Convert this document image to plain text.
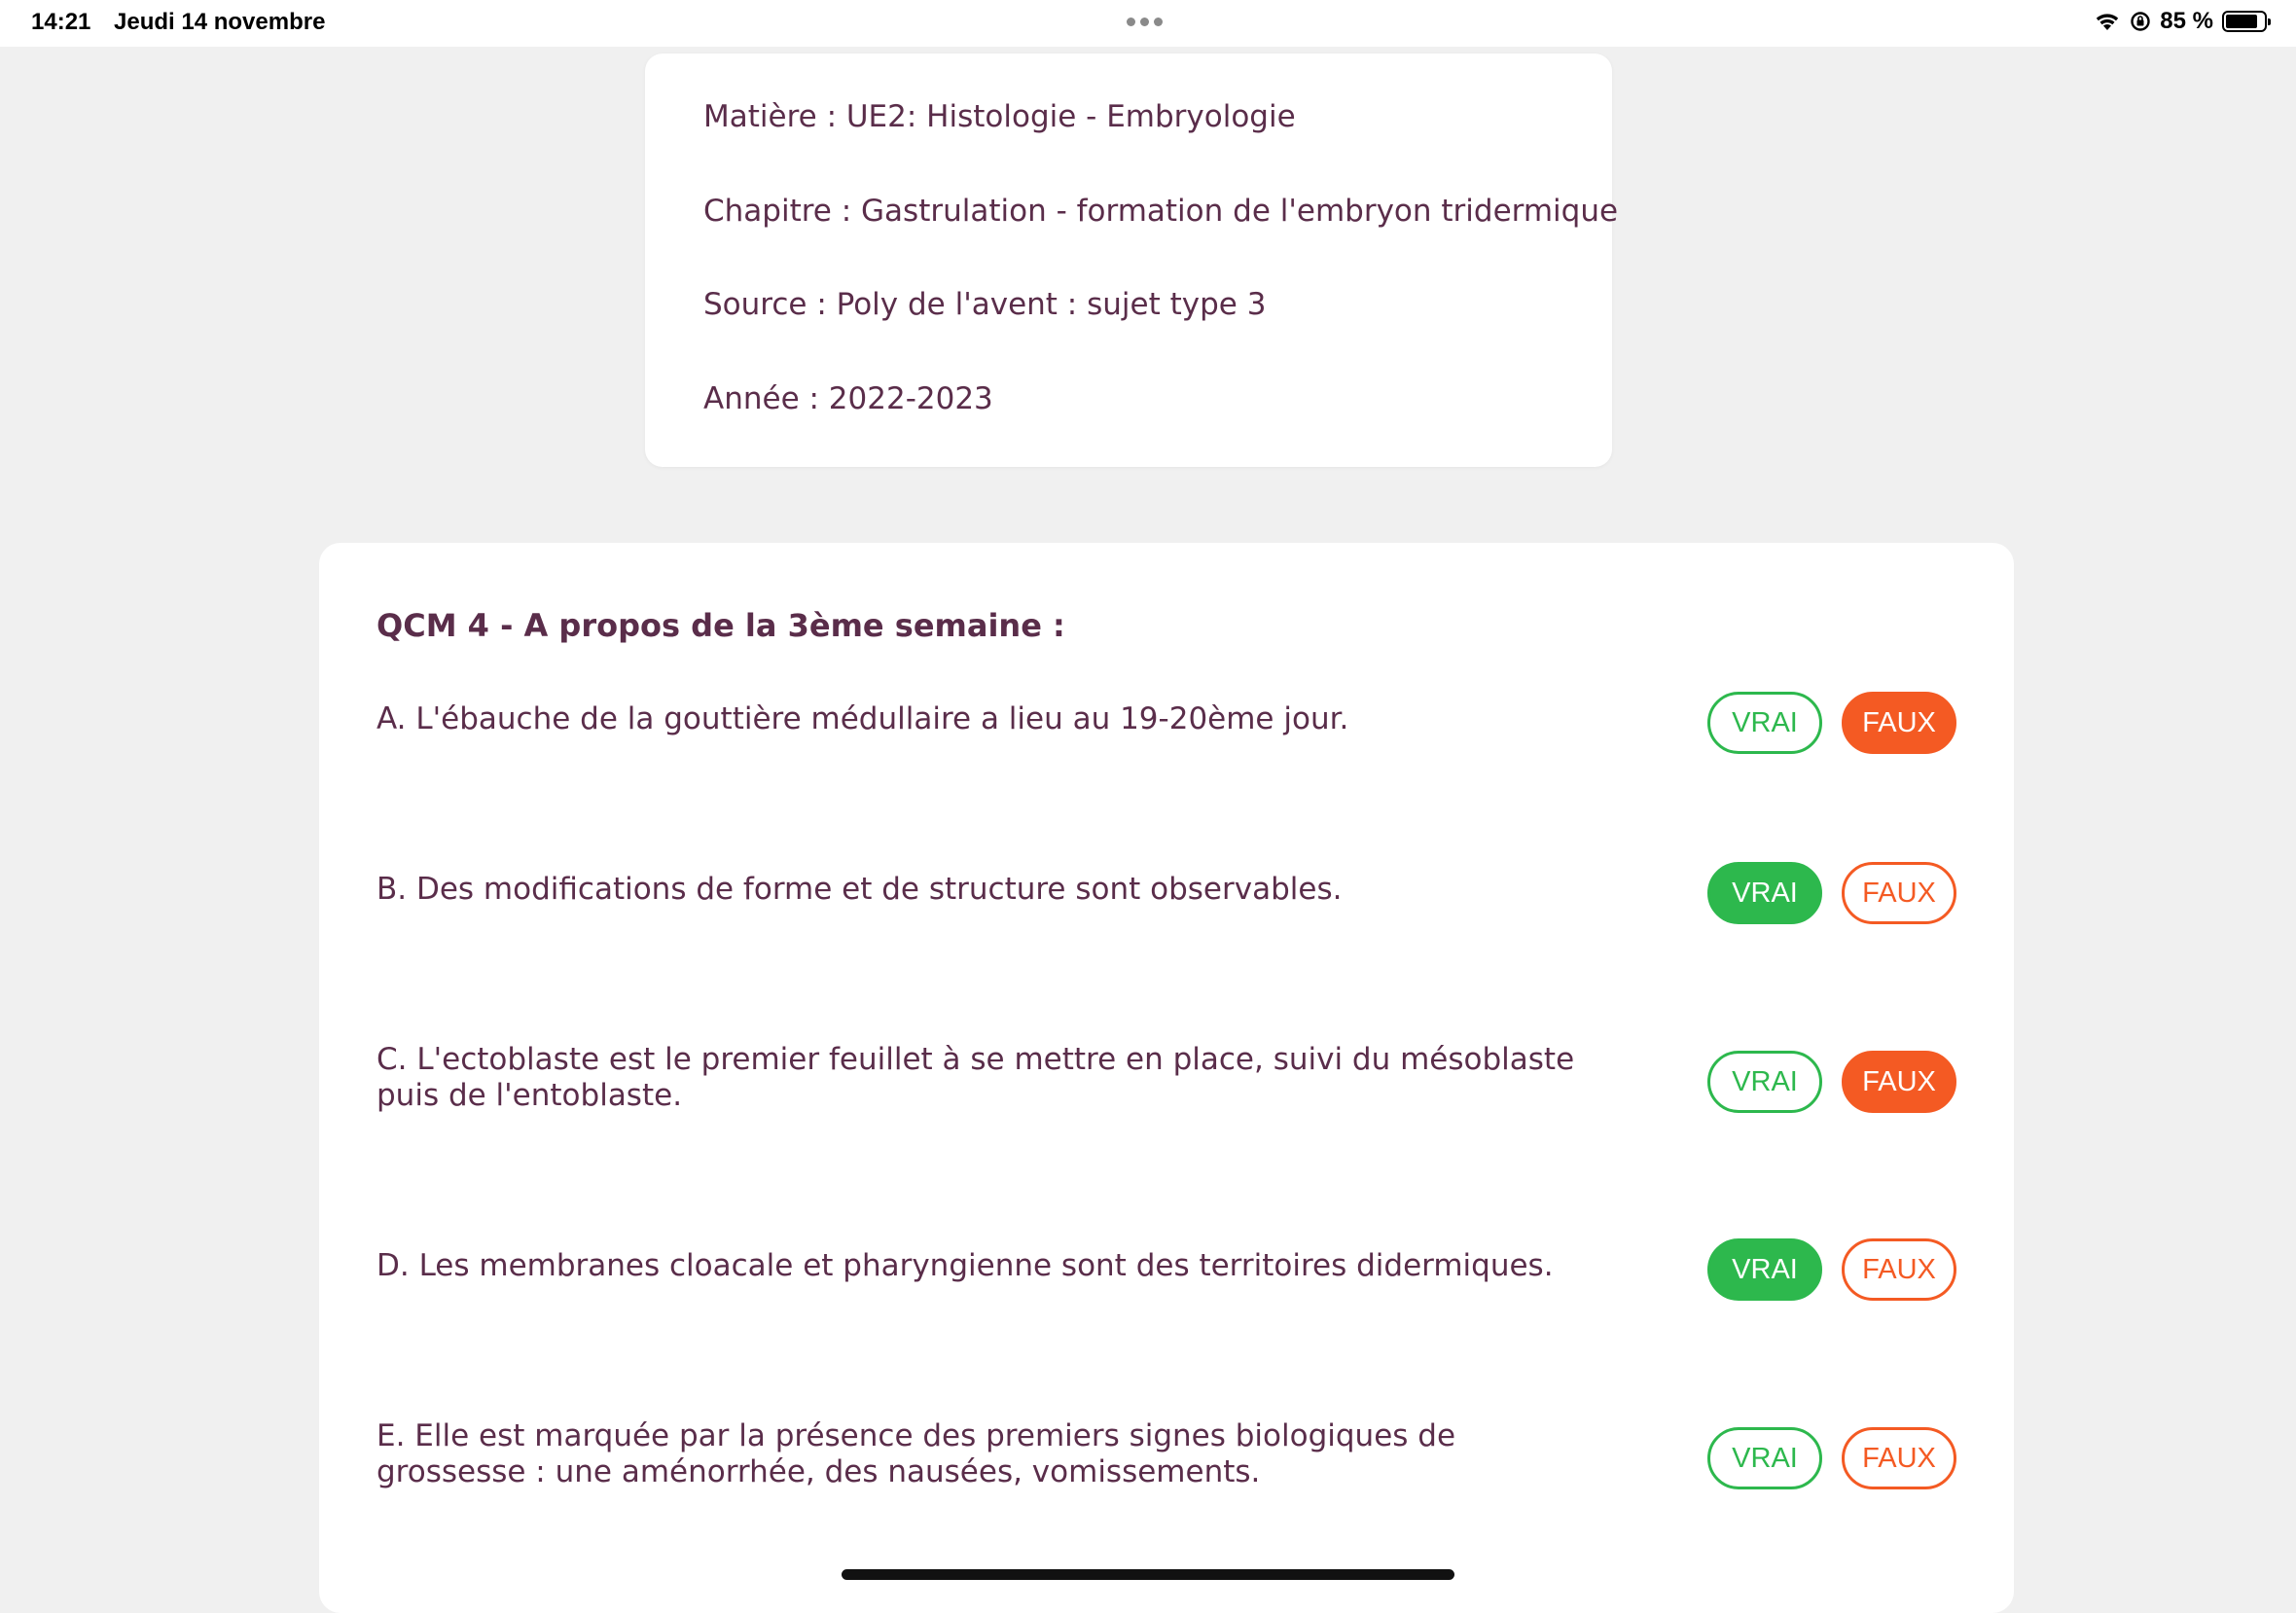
14:21 Jeudi 14 novembre	85 %
Matière : UE2: Histologie - Embryologie
Chapitre : Gastrulation - formation de l'embryon tridermique
Source : Poly de l'avent : sujet type 3
Année : 2022-2023
QCM 4 - A propos de la 3ème semaine :
A. L'ébauche de la gouttière médullaire a lieu au 19-20ème jour.	VRAI	FAUX
B. Des modifications de forme et de structure sont observables.	VRAI	FAUX
C. L'ectoblaste est le premier feuillet à se mettre en place, suivi du mésoblaste puis de l'entoblaste.	VRAI	FAUX
D. Les membranes cloacale et pharyngienne sont des territoires didermiques.	VRAI	FAUX
E. Elle est marquée par la présence des premiers signes biologiques de grossesse : une aménorrhée, des nausées, vomissements.	VRAI	FAUX
